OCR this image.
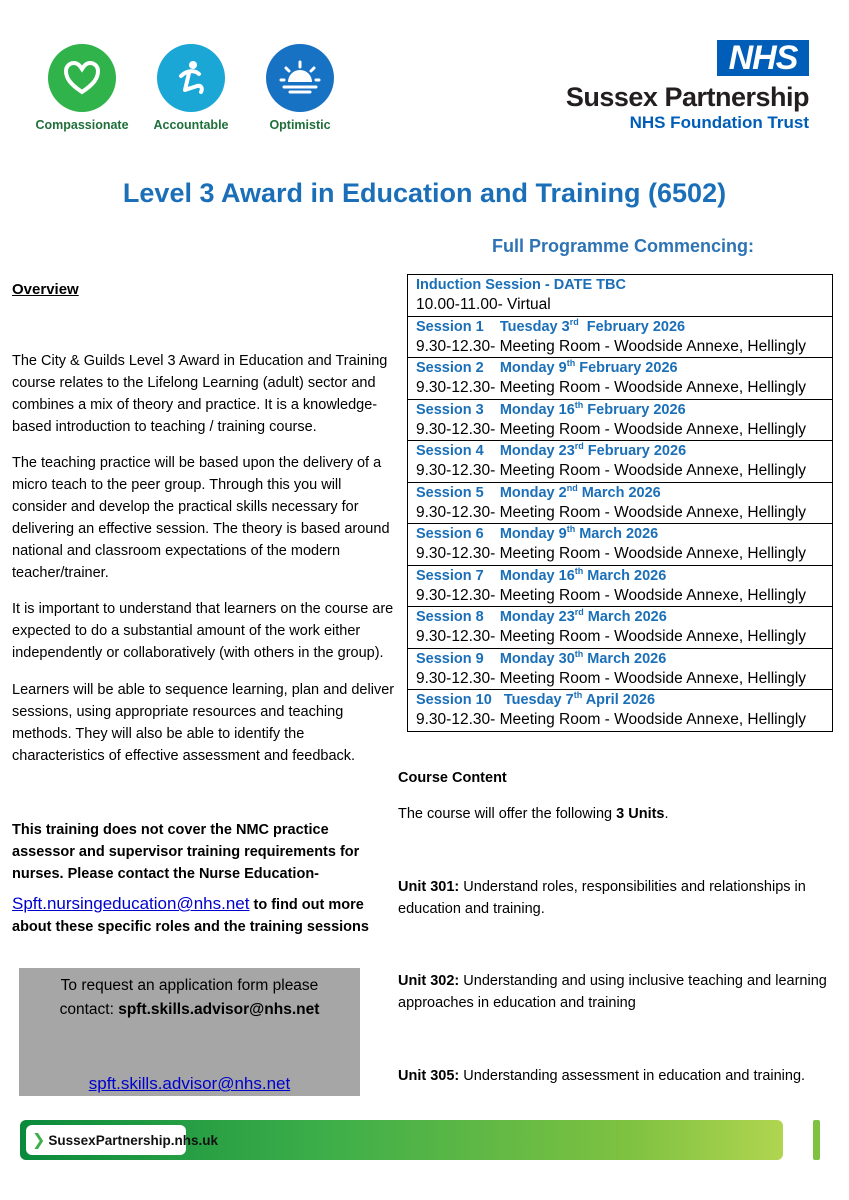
Compassionate	Accountable	Optimistic
NHS
Sussex Partnership
NHS Foundation Trust
Level 3 Award in Education and Training (6502)
Full Programme Commencing:
Induction Session - DATE TBC
10.00-11.00- Virtual
Session 1 Tuesday 3rd  February 2026
9.30-12.30- Meeting Room - Woodside Annexe, Hellingly
Session 2 Monday 9th February 2026
9.30-12.30- Meeting Room - Woodside Annexe, Hellingly
Session 3 Monday 16th February 2026
9.30-12.30- Meeting Room - Woodside Annexe, Hellingly
Session 4 Monday 23rd February 2026
9.30-12.30- Meeting Room - Woodside Annexe, Hellingly
Session 5 Monday 2nd March 2026
9.30-12.30- Meeting Room - Woodside Annexe, Hellingly
Session 6 Monday 9th March 2026
9.30-12.30- Meeting Room - Woodside Annexe, Hellingly
Session 7 Monday 16th March 2026
9.30-12.30- Meeting Room - Woodside Annexe, Hellingly
Session 8 Monday 23rd March 2026
9.30-12.30- Meeting Room - Woodside Annexe, Hellingly
Session 9 Monday 30th March 2026
9.30-12.30- Meeting Room - Woodside Annexe, Hellingly
Session 10 Tuesday 7th April 2026
9.30-12.30- Meeting Room - Woodside Annexe, Hellingly
Overview

The City & Guilds Level 3 Award in Education and Training course relates to the Lifelong Learning (adult) sector and combines a mix of theory and practice. It is a knowledge-based introduction to teaching / training course.

The teaching practice will be based upon the delivery of a micro teach to the peer group. Through this you will consider and develop the practical skills necessary for delivering an effective session. The theory is based around national and classroom expectations of the modern teacher/trainer.

It is important to understand that learners on the course are expected to do a substantial amount of the work either independently or collaboratively (with others in the group).

Learners will be able to sequence learning, plan and deliver sessions, using appropriate resources and teaching methods. They will also be able to identify the characteristics of effective assessment and feedback.

This training does not cover the NMC practice assessor and supervisor training requirements for nurses. Please contact the Nurse Education-
Spft.nursingeducation@nhs.net to find out more about these specific roles and the training sessions
To request an application form please
contact: spft.skills.advisor@nhs.net
spft.skills.advisor@nhs.net
Course Content
The course will offer the following 3 Units.
Unit 301: Understand roles, responsibilities and relationships in education and training.
Unit 302: Understanding and using inclusive teaching and learning approaches in education and training
Unit 305: Understanding assessment in education and training.
❯ SussexPartnership.nhs.uk
